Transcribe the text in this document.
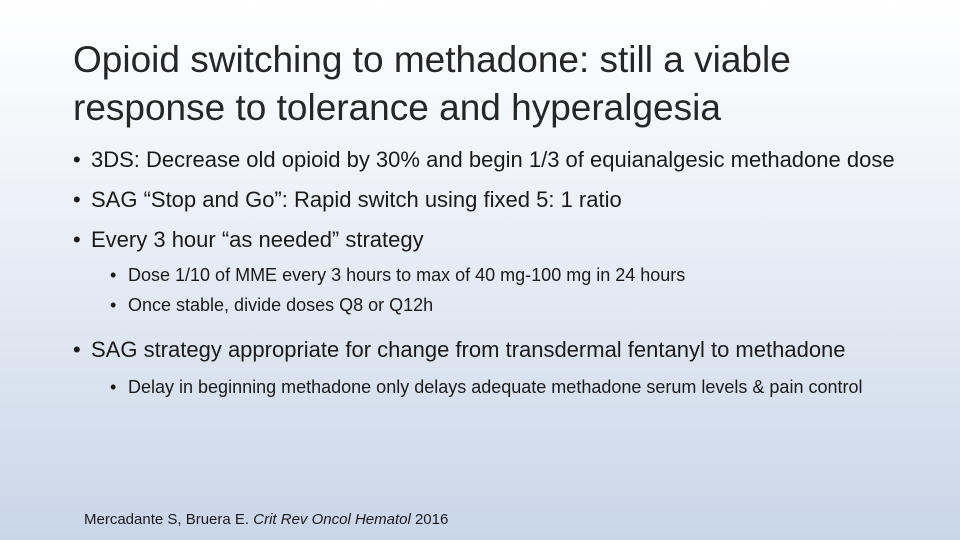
Opioid switching to methadone: still a viable response to tolerance and hyperalgesia
• 3DS: Decrease old opioid by 30% and begin 1/3 of equianalgesic methadone dose
• SAG “Stop and Go”: Rapid switch using fixed 5: 1 ratio
• Every 3 hour “as needed” strategy
• Dose 1/10 of MME every 3 hours to max of 40 mg-100 mg in 24 hours
• Once stable, divide doses Q8 or Q12h
• SAG strategy appropriate for change from transdermal fentanyl to methadone
• Delay in beginning methadone only delays adequate methadone serum levels & pain control
Mercadante S, Bruera E. Crit Rev Oncol Hematol 2016
